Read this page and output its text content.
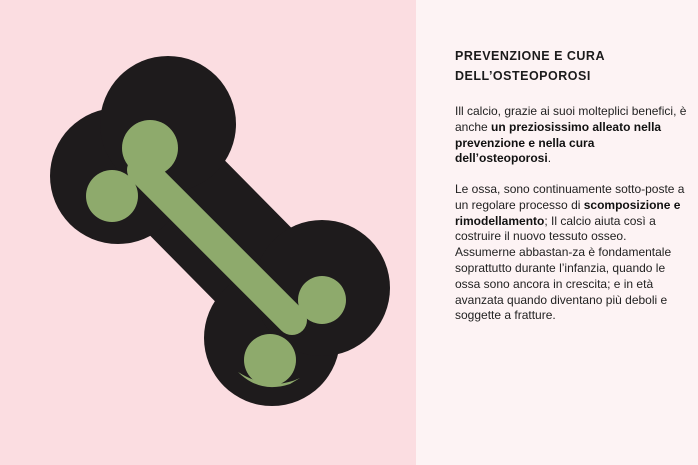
PREVENZIONE E CURA
DELL’OSTEOPOROSI

Ill calcio, grazie ai suoi molteplici benefici, è anche un preziosissimo alleato nella prevenzione e nella cura dell’osteoporosi.

Le ossa, sono continuamente sotto-poste a un regolare processo di scomposizione e rimodellamento; Il calcio aiuta così a costruire il nuovo tessuto osseo. Assumerne abbastan-za è fondamentale soprattutto durante l’infanzia, quando le ossa sono ancora in crescita; e in età avanzata quando diventano più deboli e soggette a fratture.
